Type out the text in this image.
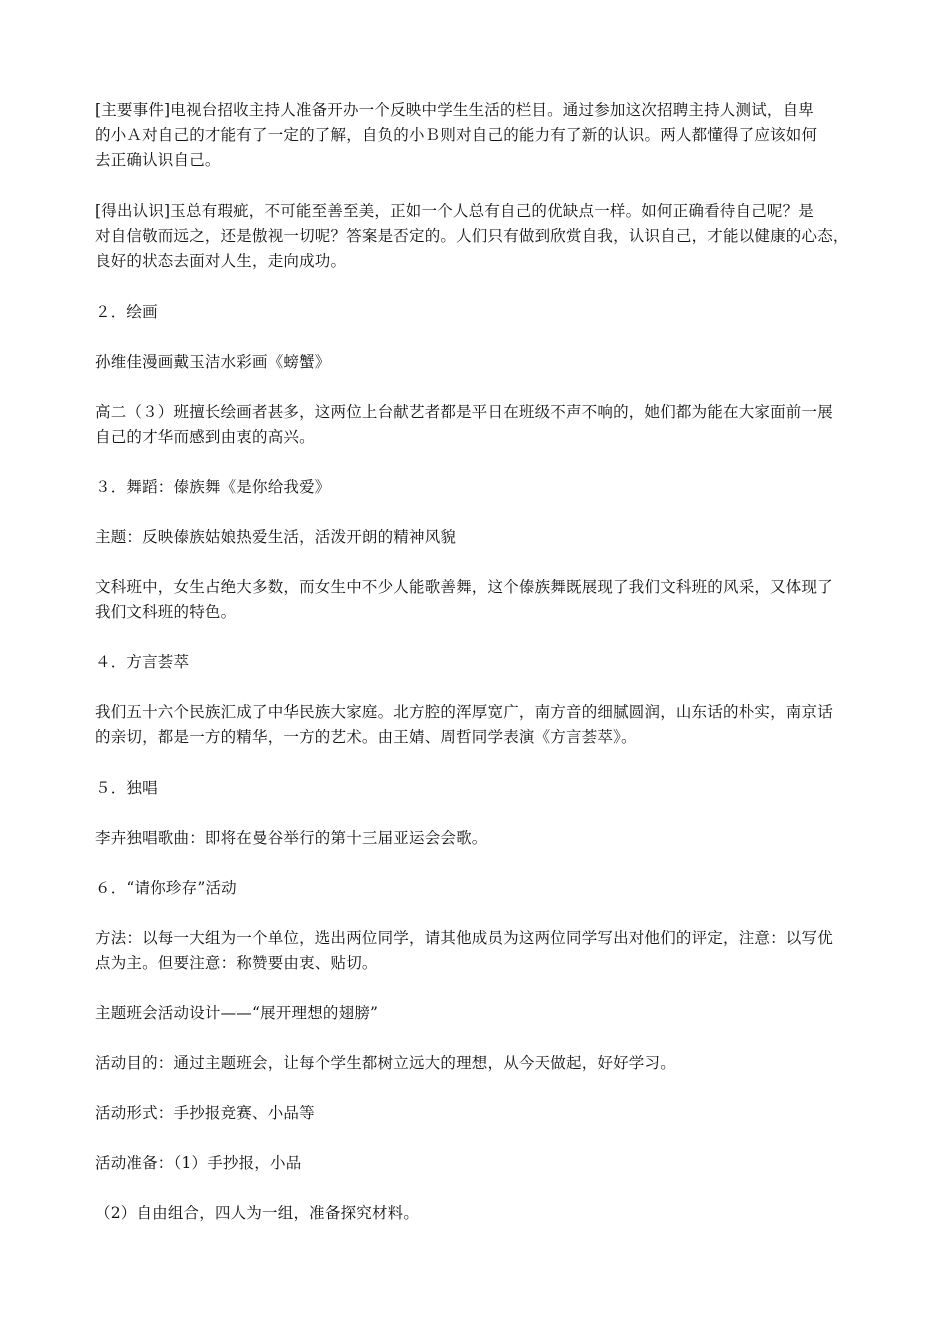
[主要事件]电视台招收主持人准备开办一个反映中学生生活的栏目。通过参加这次招聘主持人测试，自卑
的小Ａ对自己的才能有了一定的了解，自负的小Ｂ则对自己的能力有了新的认识。两人都懂得了应该如何
去正确认识自己。
[得出认识]玉总有瑕疵，不可能至善至美，正如一个人总有自己的优缺点一样。如何正确看待自己呢？是
对自信敬而远之，还是傲视一切呢？答案是否定的。人们只有做到欣赏自我，认识自己，才能以健康的心态，
良好的状态去面对人生，走向成功。
２．绘画
孙维佳漫画戴玉洁水彩画《螃蟹》
高二（３）班擅长绘画者甚多，这两位上台献艺者都是平日在班级不声不响的，她们都为能在大家面前一展
自己的才华而感到由衷的高兴。
３．舞蹈：傣族舞《是你给我爱》
主题：反映傣族姑娘热爱生活，活泼开朗的精神风貌
文科班中，女生占绝大多数，而女生中不少人能歌善舞，这个傣族舞既展现了我们文科班的风采，又体现了
我们文科班的特色。
４．方言荟萃
我们五十六个民族汇成了中华民族大家庭。北方腔的浑厚宽广，南方音的细腻圆润，山东话的朴实，南京话
的亲切，都是一方的精华，一方的艺术。由王婧、周哲同学表演《方言荟萃》。
５．独唱
李卉独唱歌曲：即将在曼谷举行的第十三届亚运会会歌。
６．“请你珍存”活动
方法：以每一大组为一个单位，选出两位同学，请其他成员为这两位同学写出对他们的评定，注意：以写优
点为主。但要注意：称赞要由衷、贴切。
主题班会活动设计——“展开理想的翅膀”
活动目的：通过主题班会，让每个学生都树立远大的理想，从今天做起，好好学习。
活动形式：手抄报竞赛、小品等
活动准备：（1）手抄报，小品
（2）自由组合，四人为一组，准备探究材料。
